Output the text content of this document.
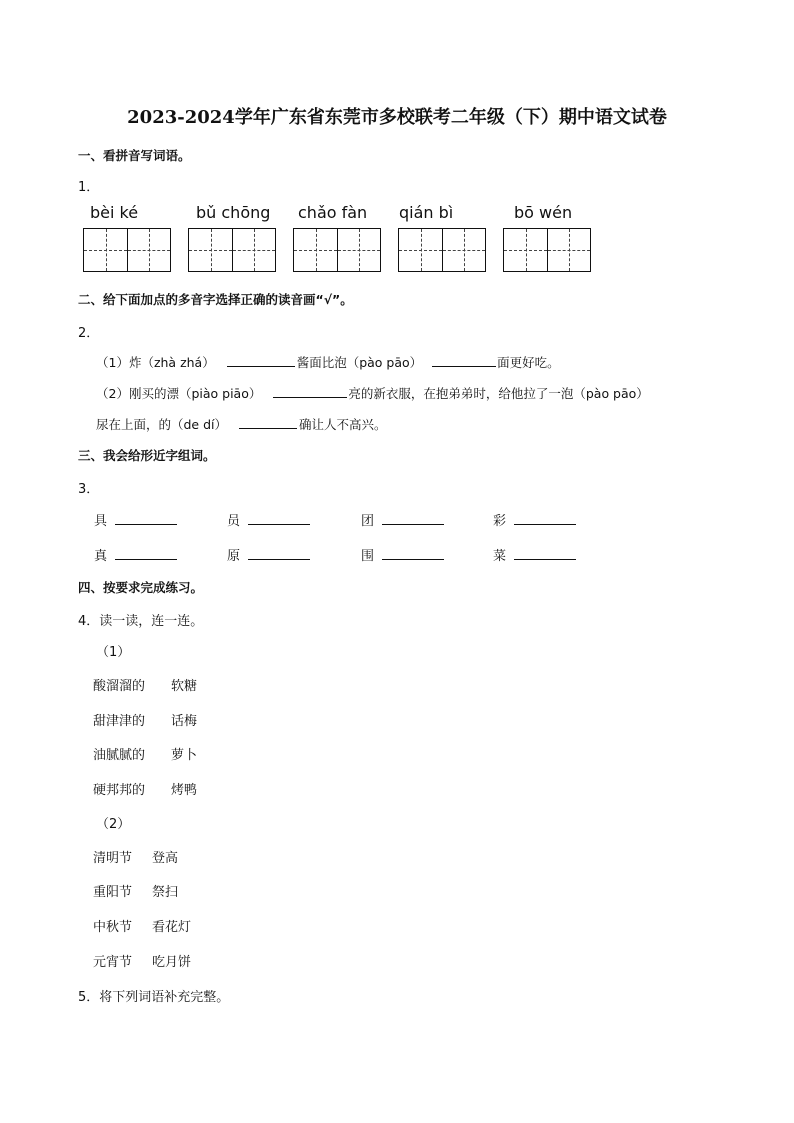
2023-2024学年广东省东莞市多校联考二年级（下）期中语文试卷
一、看拼音写词语。
1．
bèi ké	bǔ chōng chǎo fàn qián bì	bō wén
二、给下面加点的多音字选择正确的读音画“√”。
2．
（1）炸（zhà zhá）	酱面比泡（pào pāo）	面更好吃。
（2）刚买的漂（piào piāo）	亮的新衣服，在抱弟弟时，给他拉了一泡（pào pāo）
尿在上面，的（de dí）	确让人不高兴。
三、我会给形近字组词。
3．
具	员	团	彩
真	原	围	菜
四、按要求完成练习。
4．读一读，连一连。
（1）
酸溜溜的 软糖
甜津津的 话梅
油腻腻的 萝卜
硬邦邦的 烤鸭
（2）
清明节 登高
重阳节 祭扫
中秋节 看花灯
元宵节 吃月饼
5．将下列词语补充完整。
